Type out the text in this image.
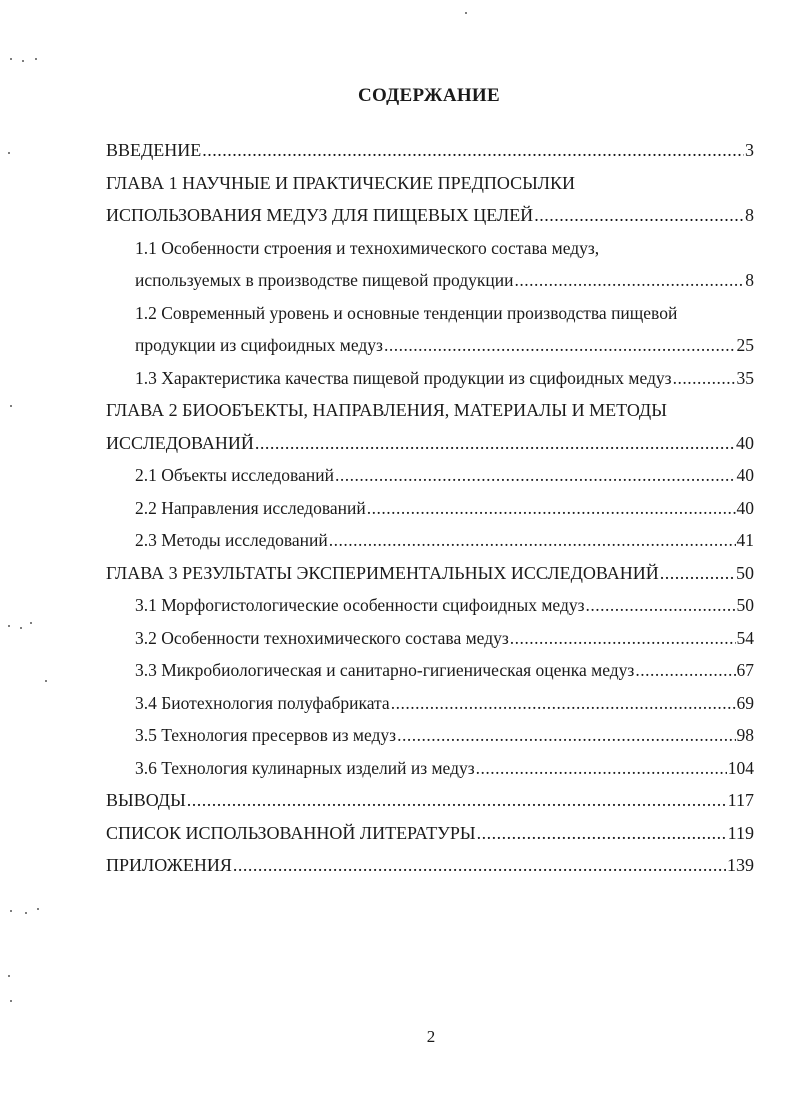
СОДЕРЖАНИЕ
ВВЕДЕНИЕ .....	3
ГЛАВА 1 НАУЧНЫЕ И ПРАКТИЧЕСКИЕ ПРЕДПОСЫЛКИ
ИСПОЛЬЗОВАНИЯ МЕДУЗ ДЛЯ ПИЩЕВЫХ ЦЕЛЕЙ .....	8
1.1 Особенности строения и технохимического состава медуз,
используемых в производстве пищевой продукции .....	8
1.2 Современный уровень и основные тенденции производства пищевой
продукции из сцифоидных медуз .....	25
1.3 Характеристика качества пищевой продукции из сцифоидных медуз .....	35
ГЛАВА 2 БИООБЪЕКТЫ, НАПРАВЛЕНИЯ, МАТЕРИАЛЫ И МЕТОДЫ
ИССЛЕДОВАНИЙ .....	40
2.1 Объекты исследований .....	40
2.2 Направления исследований .....	40
2.3 Методы исследований .....	41
ГЛАВА 3 РЕЗУЛЬТАТЫ ЭКСПЕРИМЕНТАЛЬНЫХ ИССЛЕДОВАНИЙ .....	50
3.1 Морфогистологические особенности сцифоидных медуз .....	50
3.2 Особенности технохимического состава медуз .....	54
3.3 Микробиологическая и санитарно-гигиеническая оценка медуз .....	67
3.4 Биотехнология полуфабриката .....	69
3.5 Технология пресервов из медуз .....	98
3.6 Технология кулинарных изделий из медуз .....	104
ВЫВОДЫ .....	117
СПИСОК ИСПОЛЬЗОВАННОЙ ЛИТЕРАТУРЫ .....	119
ПРИЛОЖЕНИЯ .....	139
2
